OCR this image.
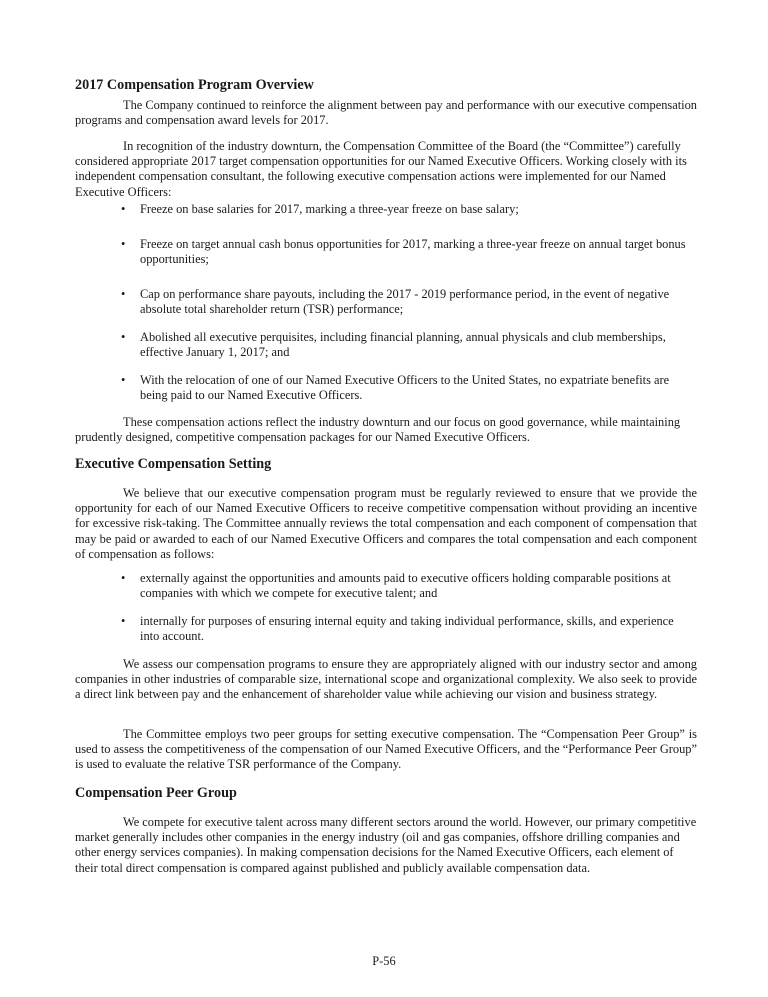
2017 Compensation Program Overview

The Company continued to reinforce the alignment between pay and performance with our executive compensation programs and compensation award levels for 2017.

In recognition of the industry downturn, the Compensation Committee of the Board (the “Committee”) carefully considered appropriate 2017 target compensation opportunities for our Named Executive Officers. Working closely with its independent compensation consultant, the following executive compensation actions were implemented for our Named Executive Officers:

•	Freeze on base salaries for 2017, marking a three-year freeze on base salary;
•	Freeze on target annual cash bonus opportunities for 2017, marking a three-year freeze on annual target bonus opportunities;
•	Cap on performance share payouts, including the 2017 - 2019 performance period, in the event of negative absolute total shareholder return (TSR) performance;
•	Abolished all executive perquisites, including financial planning, annual physicals and club memberships, effective January 1, 2017; and
•	With the relocation of one of our Named Executive Officers to the United States, no expatriate benefits are being paid to our Named Executive Officers.

These compensation actions reflect the industry downturn and our focus on good governance, while maintaining prudently designed, competitive compensation packages for our Named Executive Officers.

Executive Compensation Setting

We believe that our executive compensation program must be regularly reviewed to ensure that we provide the opportunity for each of our Named Executive Officers to receive competitive compensation without providing an incentive for excessive risk-taking. The Committee annually reviews the total compensation and each component of compensation that may be paid or awarded to each of our Named Executive Officers and compares the total compensation and each component of compensation as follows:

•	externally against the opportunities and amounts paid to executive officers holding comparable positions at companies with which we compete for executive talent; and
•	internally for purposes of ensuring internal equity and taking individual performance, skills, and experience into account.

We assess our compensation programs to ensure they are appropriately aligned with our industry sector and among companies in other industries of comparable size, international scope and organizational complexity. We also seek to provide a direct link between pay and the enhancement of shareholder value while achieving our vision and business strategy.

The Committee employs two peer groups for setting executive compensation. The “Compensation Peer Group” is used to assess the competitiveness of the compensation of our Named Executive Officers, and the “Performance Peer Group” is used to evaluate the relative TSR performance of the Company.

Compensation Peer Group

We compete for executive talent across many different sectors around the world. However, our primary competitive market generally includes other companies in the energy industry (oil and gas companies, offshore drilling companies and other energy services companies). In making compensation decisions for the Named Executive Officers, each element of their total direct compensation is compared against published and publicly available compensation data.

P-56
